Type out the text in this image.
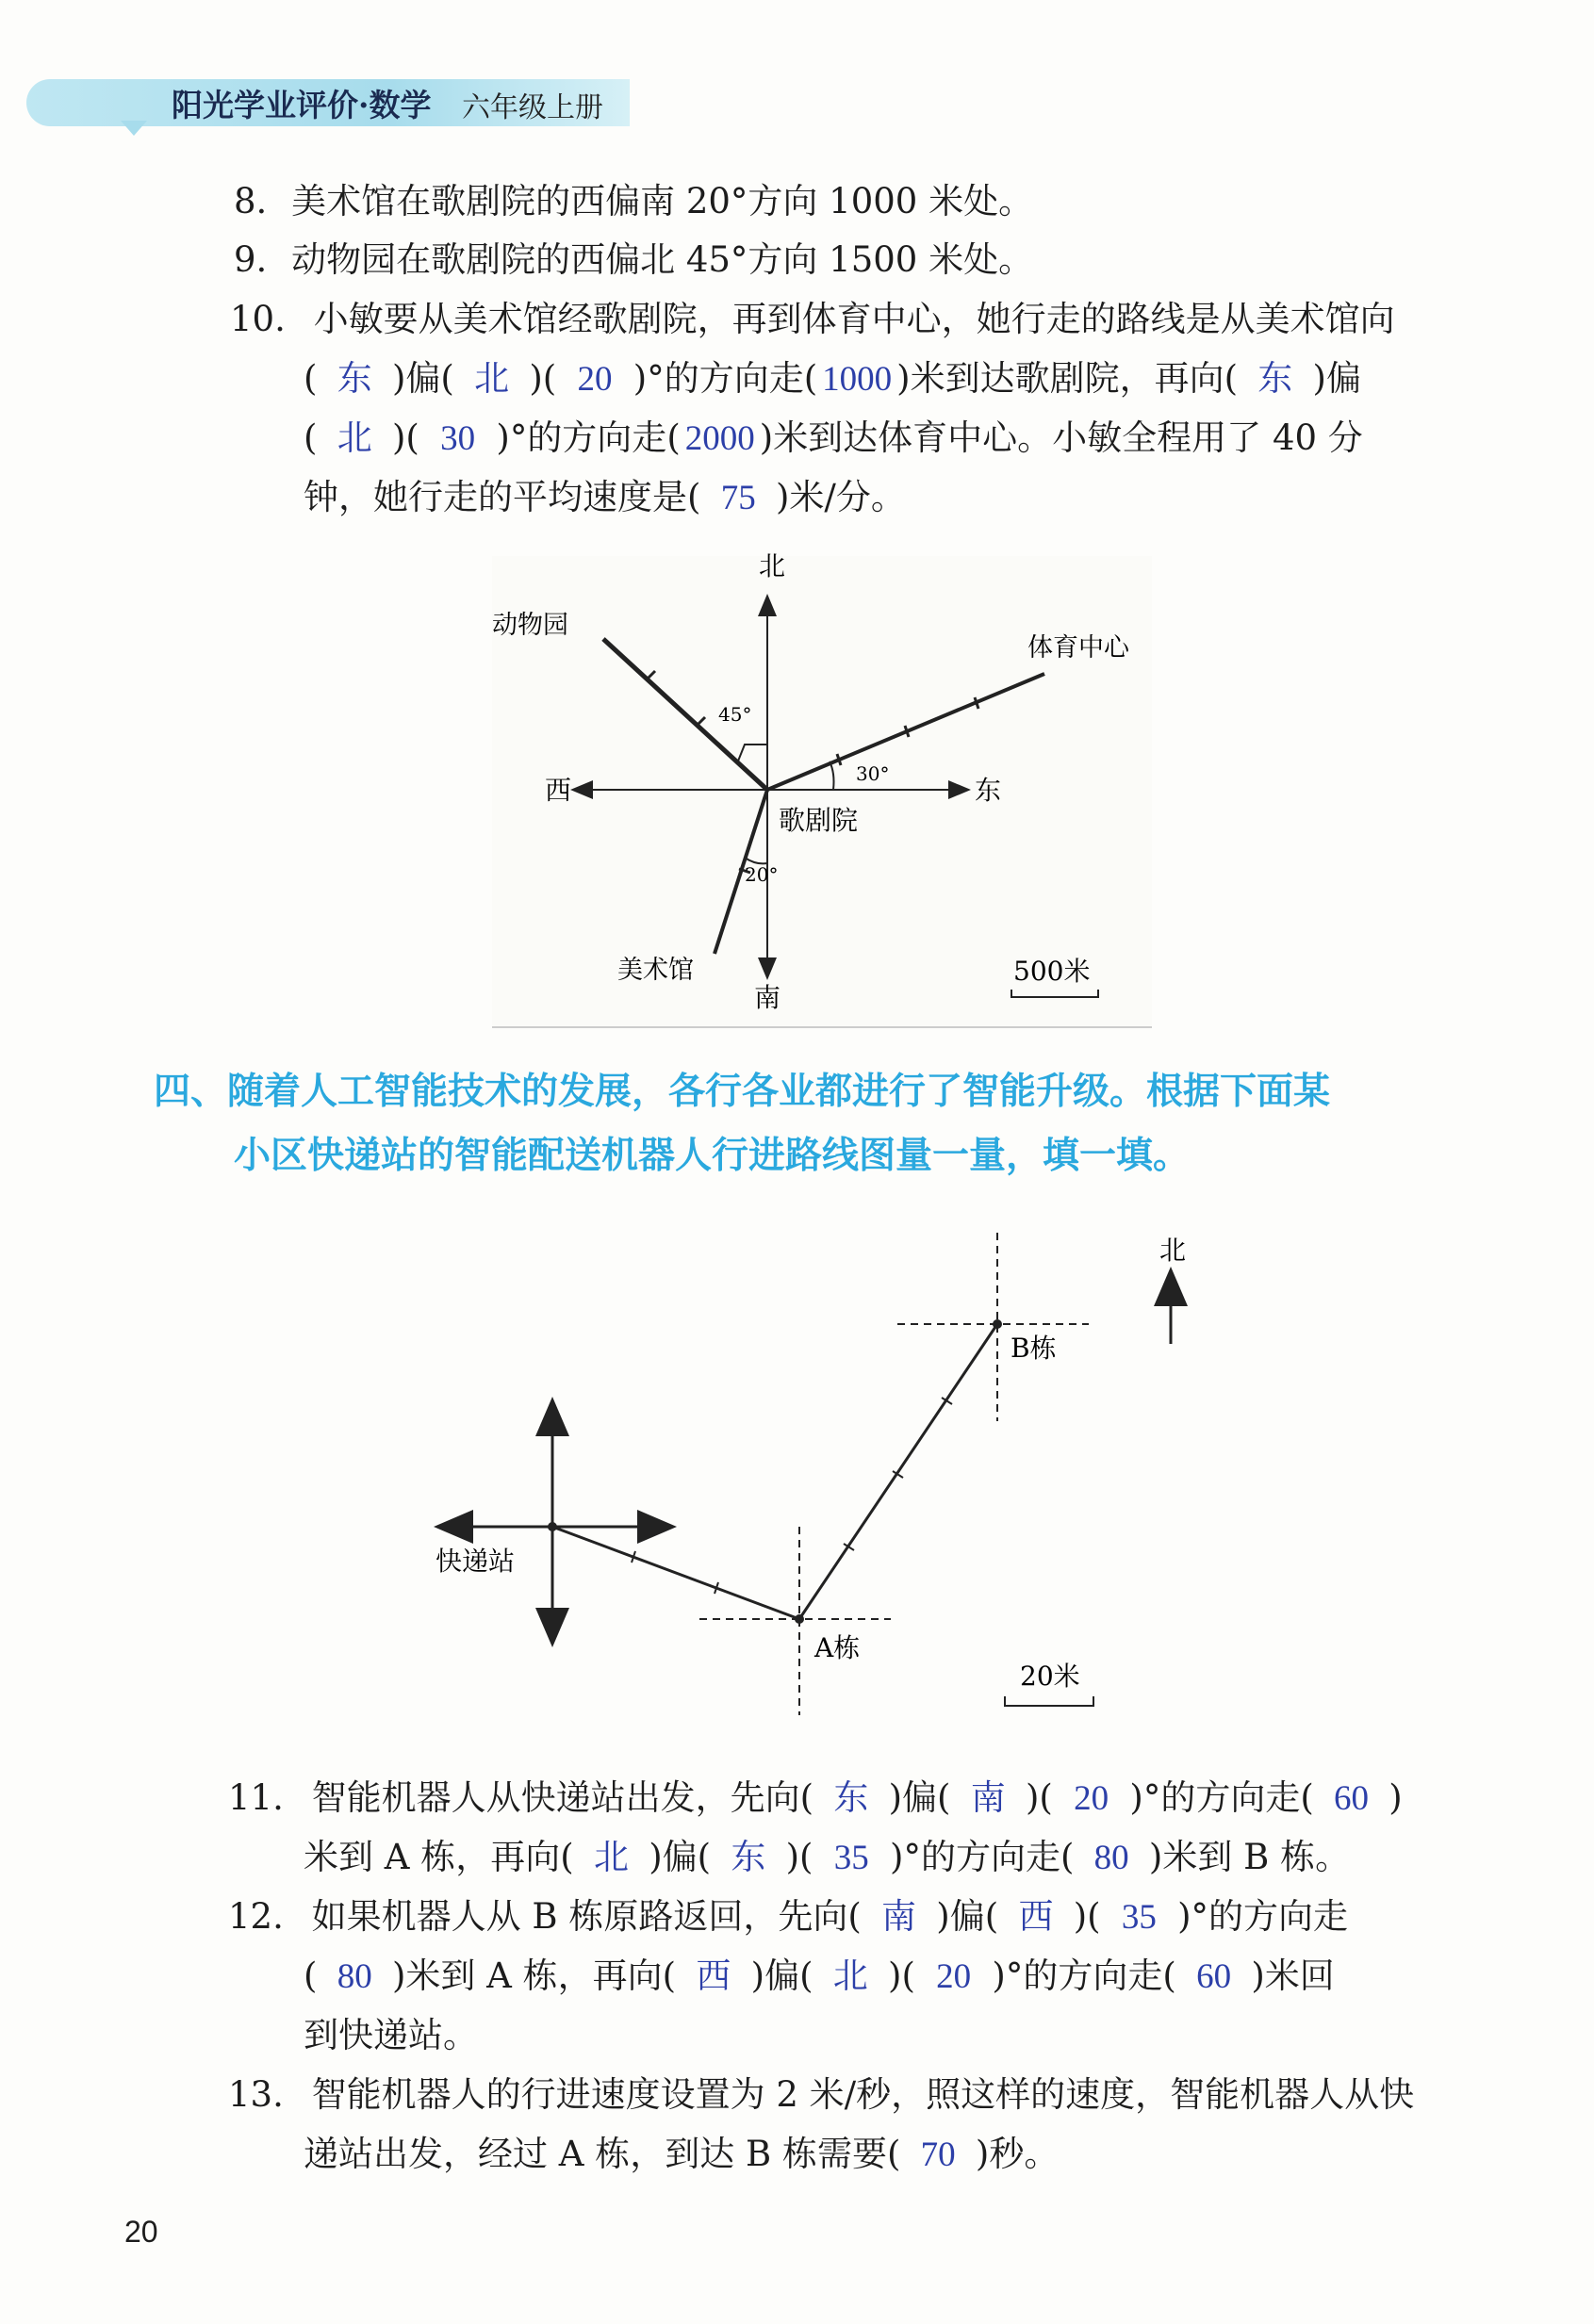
阳光学业评价·数学 六年级上册
8. 美术馆在歌剧院的西偏南 20°方向 1000 米处。
9. 动物园在歌剧院的西偏北 45°方向 1500 米处。
10. 小敏要从美术馆经歌剧院，再到体育中心，她行走的路线是从美术馆向
( 东 )偏( 北 )( 20 )°的方向走( 1000 )米到达歌剧院，再向( 东 )偏
( 北 )( 30 )°的方向走( 2000 )米到达体育中心。小敏全程用了 40 分
钟，她行走的平均速度是( 75 )米/分。
北
南
西	东
动物园
体育中心
歌剧院
美术馆
45°
30°
20°
500米
四、随着人工智能技术的发展，各行各业都进行了智能升级。根据下面某
小区快递站的智能配送机器人行进路线图量一量，填一填。
北
快递站
A栋
B栋
20米
11. 智能机器人从快递站出发，先向( 东 )偏( 南 )( 20 )°的方向走( 60 )
米到 A 栋，再向( 北 )偏( 东 )( 35 )°的方向走( 80 )米到 B 栋。
12. 如果机器人从 B 栋原路返回，先向( 南 )偏( 西 )( 35 )°的方向走
( 80 )米到 A 栋，再向( 西 )偏( 北 )( 20 )°的方向走( 60 )米回
到快递站。
13. 智能机器人的行进速度设置为 2 米/秒，照这样的速度，智能机器人从快
递站出发，经过 A 栋，到达 B 栋需要( 70 )秒。
20
